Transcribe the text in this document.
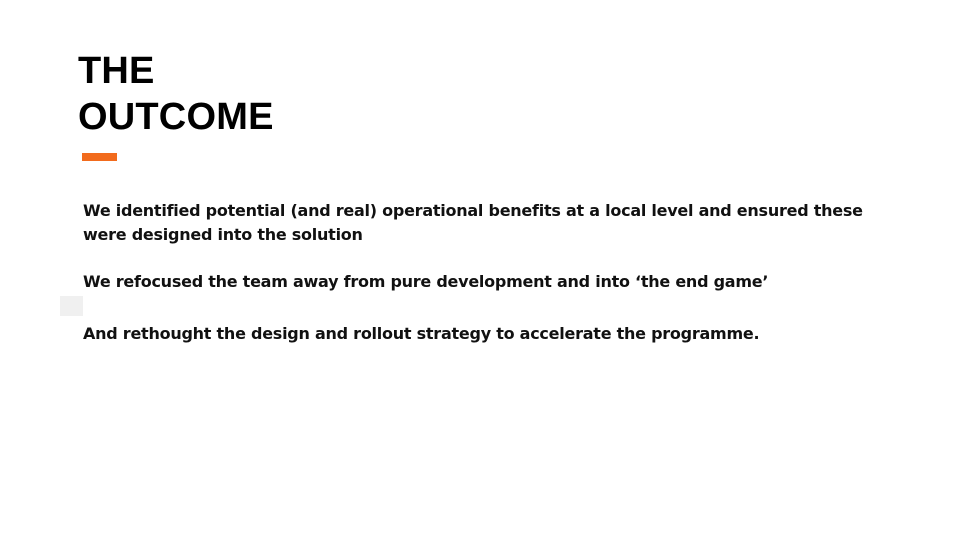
THE
OUTCOME

We identified potential (and real) operational benefits at a local level and ensured these were designed into the solution

We refocused the team away from pure development and into ‘the end game’

And rethought the design and rollout strategy to accelerate the programme.
